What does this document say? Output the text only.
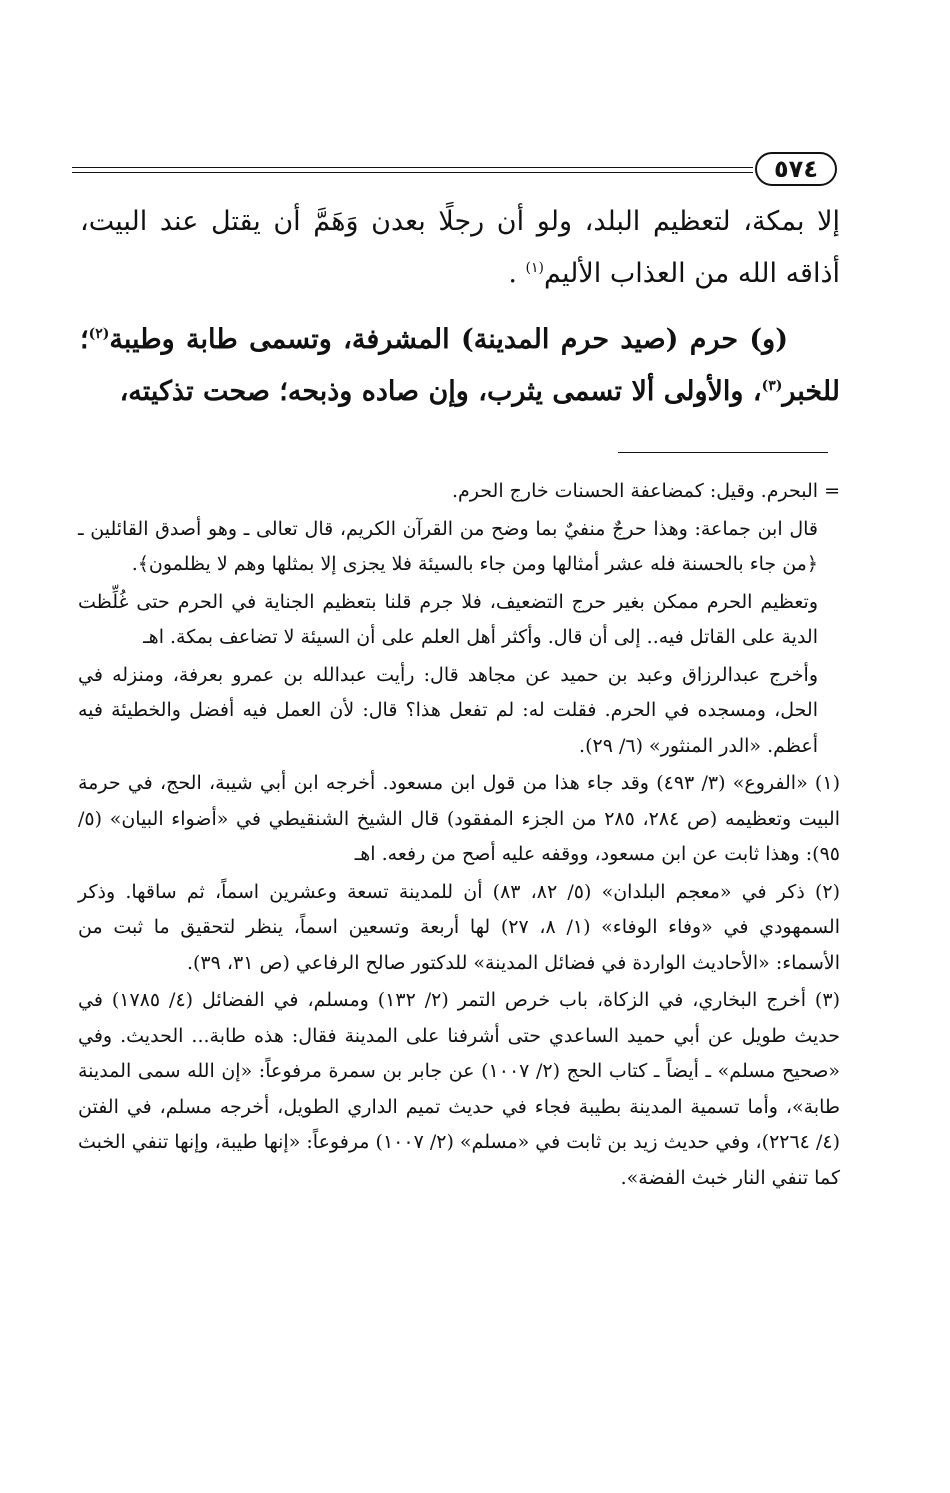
٥٧٤

إلا بمكة، لتعظيم البلد، ولو أن رجلًا بعدن وَهَمَّ أن يقتل عند البيت، أذاقه الله من العذاب الأليم$^{(١)}$ .

(و) حرم (صيد حرم المدينة) المشرفة، وتسمى طابة وطيبة$^{(٢)}$؛ للخبر$^{(٣)}$، والأولى ألا تسمى يثرب، وإن صاده وذبحه؛ صحت تذكيته،

= البحرم. وقيل: كمضاعفة الحسنات خارج الحرم.

قال ابن جماعة: وهذا حرجٌ منفيٌ بما وضح من القرآن الكريم، قال تعالى ـ وهو أصدق القائلين ـ ﴿من جاء بالحسنة فله عشر أمثالها ومن جاء بالسيئة فلا يجزى إلا بمثلها وهم لا يظلمون﴾.

وتعظيم الحرم ممكن بغير حرج التضعيف، فلا جرم قلنا بتعظيم الجناية في الحرم حتى غُلِّظت الدية على القاتل فيه.. إلى أن قال. وأكثر أهل العلم على أن السيئة لا تضاعف بمكة. اهـ

وأخرج عبدالرزاق وعبد بن حميد عن مجاهد قال: رأيت عبدالله بن عمرو بعرفة، ومنزله في الحل، ومسجده في الحرم. فقلت له: لم تفعل هذا؟ قال: لأن العمل فيه أفضل والخطيئة فيه أعظم. «الدر المنثور» (٦/ ٢٩).

(١) «الفروع» (٣/ ٤٩٣) وقد جاء هذا من قول ابن مسعود. أخرجه ابن أبي شيبة، الحج، في حرمة البيت وتعظيمه (ص ٢٨٤، ٢٨٥ من الجزء المفقود) قال الشيخ الشنقيطي في «أضواء البيان» (٥/ ٩٥): وهذا ثابت عن ابن مسعود، ووقفه عليه أصح من رفعه. اهـ

(٢) ذكر في «معجم البلدان» (٥/ ٨٢، ٨٣) أن للمدينة تسعة وعشرين اسماً، ثم ساقها. وذكر السمهودي في «وفاء الوفاء» (١/ ٨، ٢٧) لها أربعة وتسعين اسماً، ينظر لتحقيق ما ثبت من الأسماء: «الأحاديث الواردة في فضائل المدينة» للدكتور صالح الرفاعي (ص ٣١، ٣٩).

(٣) أخرج البخاري، في الزكاة، باب خرص التمر (٢/ ١٣٢) ومسلم، في الفضائل (٤/ ١٧٨٥) في حديث طويل عن أبي حميد الساعدي حتى أشرفنا على المدينة فقال: هذه طابة... الحديث. وفي «صحيح مسلم» ـ أيضاً ـ كتاب الحج (٢/ ١٠٠٧) عن جابر بن سمرة مرفوعاً: «إن الله سمى المدينة طابة»، وأما تسمية المدينة بطيبة فجاء في حديث تميم الداري الطويل، أخرجه مسلم، في الفتن (٤/ ٢٢٦٤)، وفي حديث زيد بن ثابت في «مسلم» (٢/ ١٠٠٧) مرفوعاً: «إنها طيبة، وإنها تنفي الخبث كما تنفي النار خبث الفضة».
